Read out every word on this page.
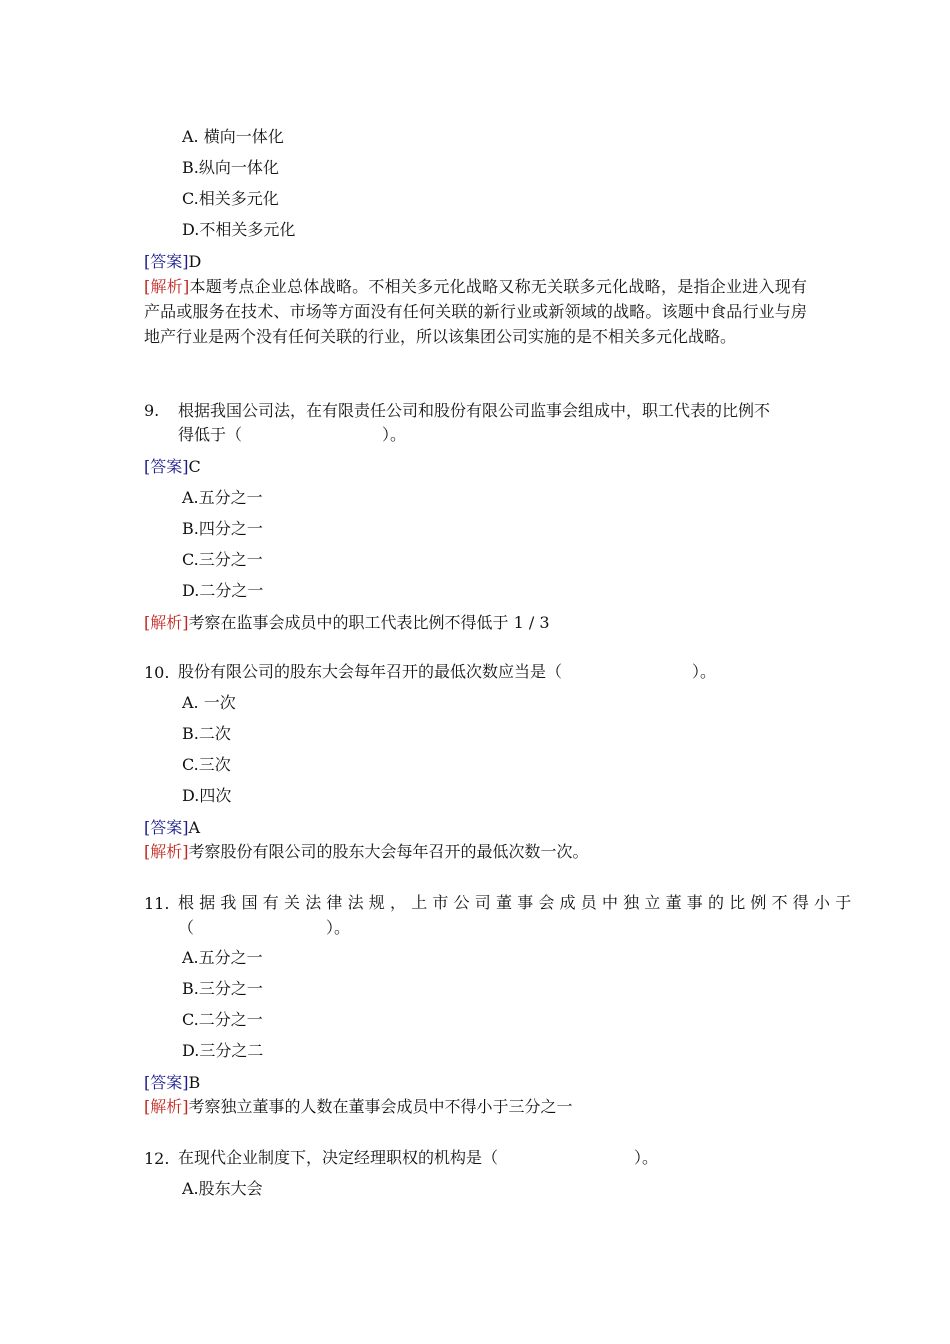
A. 横向一体化
B.纵向一体化
C.相关多元化
D.不相关多元化
[答案]D
[解析]本题考点企业总体战略。不相关多元化战略又称无关联多元化战略，是指企业进入现有产品或服务在技术、市场等方面没有任何关联的新行业或新领域的战略。该题中食品行业与房地产行业是两个没有任何关联的行业，所以该集团公司实施的是不相关多元化战略。
9. 根据我国公司法，在有限责任公司和股份有限公司监事会组成中，职工代表的比例不
得低于（	）。
[答案]C
A.五分之一
B.四分之一
C.三分之一
D.二分之一
[解析]考察在监事会成员中的职工代表比例不得低于 1 / 3
10. 股份有限公司的股东大会每年召开的最低次数应当是（	）。
A. 一次
B.二次
C.三次
D.四次
[答案]A
[解析]考察股份有限公司的股东大会每年召开的最低次数一次。
11. 根据我国有关法律法规，上市公司董事会成员中独立董事的比例不得小于
（	）。
A.五分之一
B.三分之一
C.二分之一
D.三分之二
[答案]B
[解析]考察独立董事的人数在董事会成员中不得小于三分之一
12. 在现代企业制度下，决定经理职权的机构是（	）。
A.股东大会
